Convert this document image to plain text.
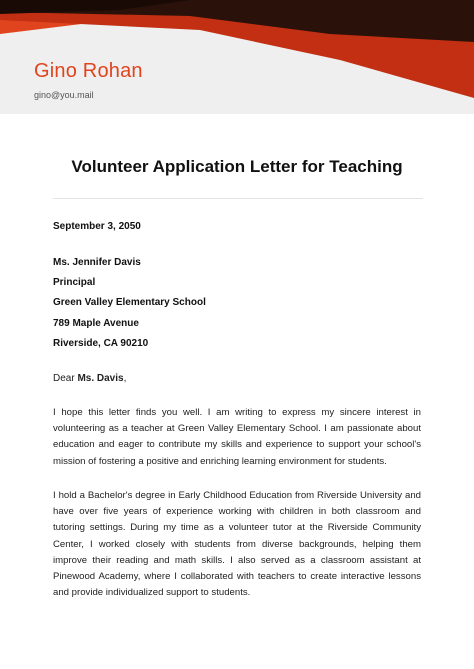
Gino Rohan
gino@you.mail
Volunteer Application Letter for Teaching
September 3, 2050
Ms. Jennifer Davis
Principal
Green Valley Elementary School
789 Maple Avenue
Riverside, CA 90210
Dear Ms. Davis,

I hope this letter finds you well. I am writing to express my sincere interest in volunteering as a teacher at Green Valley Elementary School. I am passionate about education and eager to contribute my skills and experience to support your school's mission of fostering a positive and enriching learning environment for students.

I hold a Bachelor's degree in Early Childhood Education from Riverside University and have over five years of experience working with children in both classroom and tutoring settings. During my time as a volunteer tutor at the Riverside Community Center, I worked closely with students from diverse backgrounds, helping them improve their reading and math skills. I also served as a classroom assistant at Pinewood Academy, where I collaborated with teachers to create interactive lessons and provide individualized support to students.
